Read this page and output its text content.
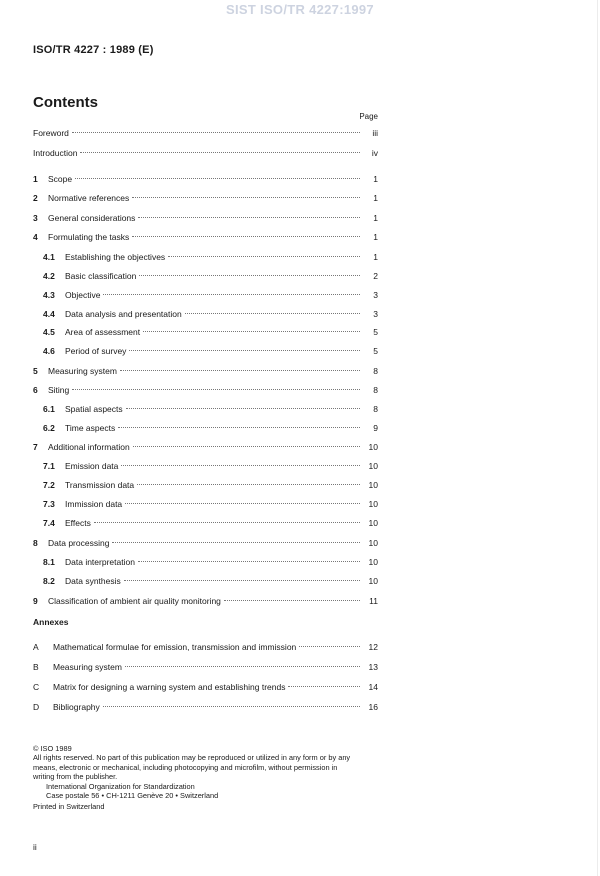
SIST ISO/TR 4227:1997
ISO/TR 4227 : 1989 (E)
Contents
Page
Foreword	iii
Introduction	iv
1	Scope	1
2	Normative references	1
3	General considerations	1
4	Formulating the tasks	1
4.1	Establishing the objectives	1
4.2	Basic classification	2
4.3	Objective	3
4.4	Data analysis and presentation	3
4.5	Area of assessment	5
4.6	Period of survey	5
5	Measuring system	8
6	Siting	8
6.1	Spatial aspects	8
6.2	Time aspects	9
7	Additional information	10
7.1	Emission data	10
7.2	Transmission data	10
7.3	Immission data	10
7.4	Effects	10
8	Data processing	10
8.1	Data interpretation	10
8.2	Data synthesis	10
9	Classification of ambient air quality monitoring	11
Annexes
A	Mathematical formulae for emission, transmission and immission	12
B	Measuring system	13
C	Matrix for designing a warning system and establishing trends	14
D	Bibliography	16
© ISO 1989
All rights reserved. No part of this publication may be reproduced or utilized in any form or by any
means, electronic or mechanical, including photocopying and microfilm, without permission in
writing from the publisher.
International Organization for Standardization
Case postale 56 • CH-1211 Genève 20 • Switzerland
Printed in Switzerland
ii
